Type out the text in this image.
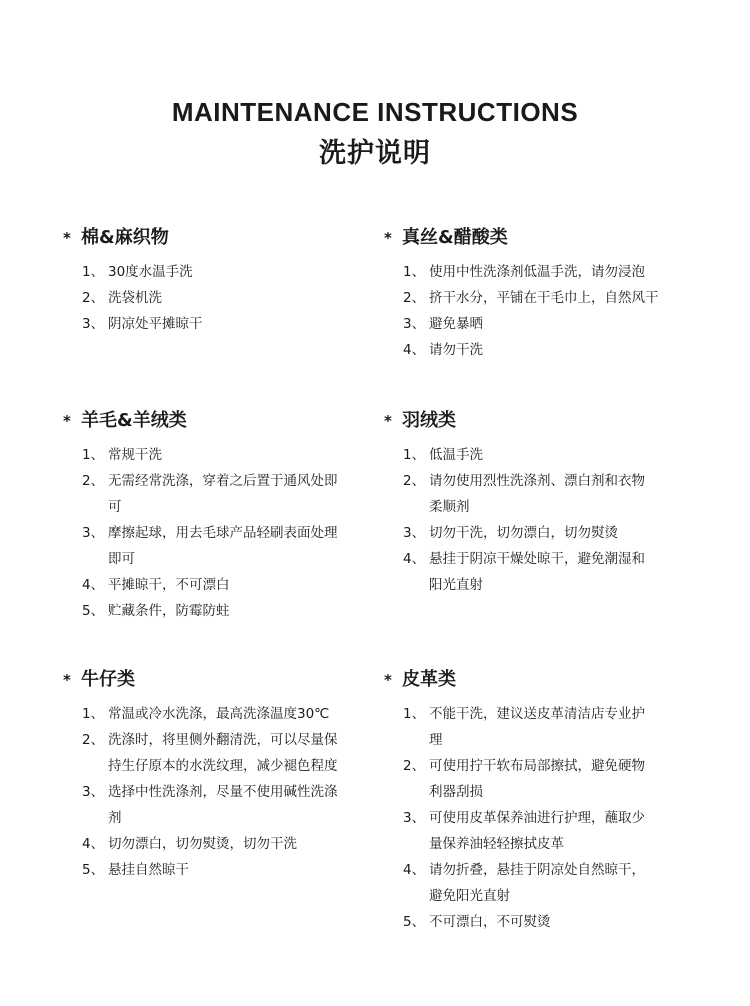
MAINTENANCE INSTRUCTIONS
洗护说明
* 棉&麻织物
1、 30度水温手洗
2、 洗袋机洗
3、 阴凉处平摊晾干
* 真丝&醋酸类
1、 使用中性洗涤剂低温手洗，请勿浸泡
2、 挤干水分，平铺在干毛巾上，自然风干
3、 避免暴晒
4、 请勿干洗
* 羊毛&羊绒类
1、 常规干洗
2、 无需经常洗涤，穿着之后置于通风处即可
3、 摩擦起球，用去毛球产品轻刷表面处理即可
4、 平摊晾干，不可漂白
5、 贮藏条件，防霉防蛀
* 羽绒类
1、 低温手洗
2、 请勿使用烈性洗涤剂、漂白剂和衣物柔顺剂
3、 切勿干洗，切勿漂白，切勿熨烫
4、 悬挂于阴凉干燥处晾干，避免潮湿和阳光直射
* 牛仔类
1、 常温或冷水洗涤，最高洗涤温度30℃
2、 洗涤时，将里侧外翻清洗，可以尽量保持生仔原本的水洗纹理，减少褪色程度
3、 选择中性洗涤剂，尽量不使用碱性洗涤剂
4、 切勿漂白，切勿熨烫，切勿干洗
5、 悬挂自然晾干
* 皮革类
1、 不能干洗，建议送皮革清洁店专业护理
2、 可使用拧干软布局部擦拭，避免硬物利器刮损
3、 可使用皮革保养油进行护理，蘸取少量保养油轻轻擦拭皮革
4、 请勿折叠，悬挂于阴凉处自然晾干，避免阳光直射
5、 不可漂白，不可熨烫
